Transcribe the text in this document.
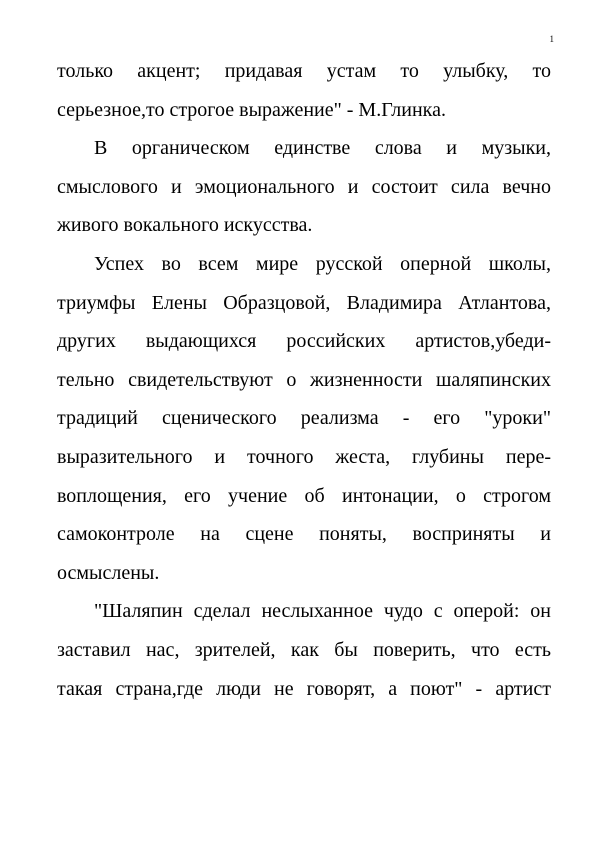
1
только акцент; придавая устам то улыбку, то
серьезное,то строгое выражение" - М.Глинка.
В органическом единстве слова и музыки,
смыслового и эмоционального и состоит сила вечно
живого вокального искусства.
Успех во всем мире русской оперной школы,
триумфы Елены Образцовой, Владимира Атлантова,
других выдающихся российских артистов,убеди-
тельно свидетельствуют о жизненности шаляпинских
традиций сценического реализма - его "уроки"
выразительного и точного жеста, глубины пере-
воплощения, его учение об интонации, о строгом
самоконтроле на сцене поняты, восприняты и
осмыслены.
"Шаляпин сделал неслыханное чудо с оперой: он
заставил нас, зрителей, как бы поверить, что есть
такая страна,где люди не говорят, а поют" - артист
